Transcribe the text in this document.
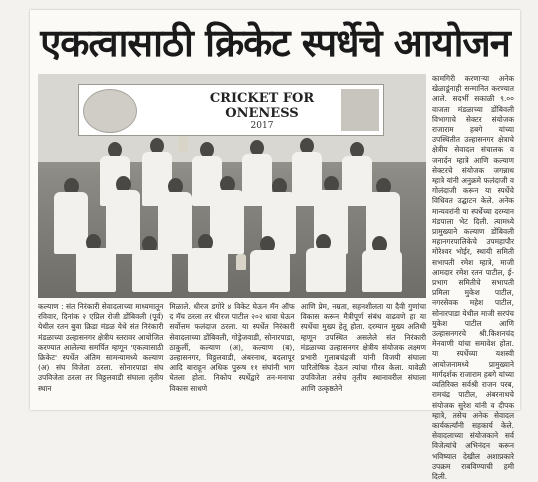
एकत्वासाठी क्रिकेट स्पर्धेचे आयोजन
CRICKET FOR ONENESS
2017

कल्याण : संत निरंकारी सेवादलाच्या माध्यमातून रविवार, दिनांक २ एप्रिल रोजी डोंबिवली (पूर्व) येथील रतन बुवा क्रिडा मंडळ येथे संत निरंकारी मंडळाच्या उल्हासनगर क्षेत्रीय स्तरावर आयोजित करण्यात आलेल्या समर्पित म्हणून 'एकत्वासाठी क्रिकेट' स्पर्धेत अंतिम सामन्यामध्ये कल्याण (अ) संघ विजेता ठरला. सोनारपाडा संघ उपविजेता ठरला तर विठ्ठलवाडी संघाला तृतीय स्थान

मिळाले. धीरज डगोरे ४ विकेट घेऊन मॅन ऑफ द मॅच ठरला तर धीरज पाटील २०२ धावा घेऊन सर्वोत्तम फलंदाज ठरला. या स्पर्धेत निरंकारी सेवादलाच्या डोंबिवली, गोड्रेजवाडी, सोनारपाडा, ठाकुर्ली, कल्याण (अ), कल्याण (ब), उल्हासनगर, विठ्ठलवाडी, अंबरनाथ, बदलापूर आदि बाराहून अधिक पुरूष ११ संघांनी भाग घेतला होता. निकोप स्पर्धेद्वारे तन-मनाचा विकास साधणे

आणि प्रेम, नम्रता, सहनशीलता या दैवी गुणांचा विकास करून मैत्रीपूर्ण संबंध वाढवणे हा या स्पर्धेचा मुख्य हेतू होता. दरम्यान मुख्य अतिथी म्हणून उपस्थित असलेले संत निरंकारी मंडळाच्या उल्हासनगर क्षेत्रीय संयोजक लक्ष्मण प्रभारी गुलाबचंद्रजी यांनी विजयी संघाला पारितोषिक देऊन त्यांचा गौरव केला. यावेळी उपविजेता तसेच तृतीय स्थानावरील संघाला आणि उत्कृष्ठतेने

कामगिरी करणाऱ्या अनेक खेळाडूंनाही सन्मानित करण्यात आले. सदर्भी सकाळी ९.०० वाजता मंडळाच्या डोंबिवली विभागाचे सेक्टर संयोजक राजाराम हबगे यांच्या उपस्थितीत उल्हासनगर क्षेत्राचे क्षेत्रीय सेवादल संचालक व जनार्दन म्हात्रे आणि कल्याण सेक्टरचे संयोजक जगन्नाथ म्हात्रे यांनी अनुक्रमे फलंदाजी व गोलंदाजी करून या स्पर्धेचे विधिवत उद्घाटन केले. अनेक मान्यवरांनी या स्पर्धेच्या दरम्यान मंडपाला भेट दिली. त्यामध्ये प्रामुख्याने कल्याण डोंबिवली महानगरपालिकेचे उपमहापौर मोरेश्वर भोईर, स्थायी समिती सभापती रमेश म्हात्रे, माजी आमदार रमेश रतन पाटील, ई-प्रभाग समितीचे सभापती प्रमिला मुकेश पाटील, नगरसेवक महेश पाटील, सोनारपाडा येथील माजी सरपंच मुकेश पाटील आणि उल्हासनगरचे श्री.किशनचंद मेनवाणी यांचा समावेश होता. या स्पर्धेच्या यशस्वी आयोजनामध्ये प्रामुख्याने मार्गदर्शक राजाराम हबगे यांच्या व्यतिरिक्त सर्वश्री राजन परब, रामचंद्र पाटील, अंबरनाथचे संयोजक सुरेश यांनी व दीपक म्हात्रे, तसेच अनेक सेवादल कार्यकर्त्यांनी सहकार्य केले. सेवादलाच्या संयोजकाने सर्व विजेत्यांचे अभिनंदन करून भविष्यात देखील अशाप्रकारे उपक्रम राबविण्याची हमी दिली.
